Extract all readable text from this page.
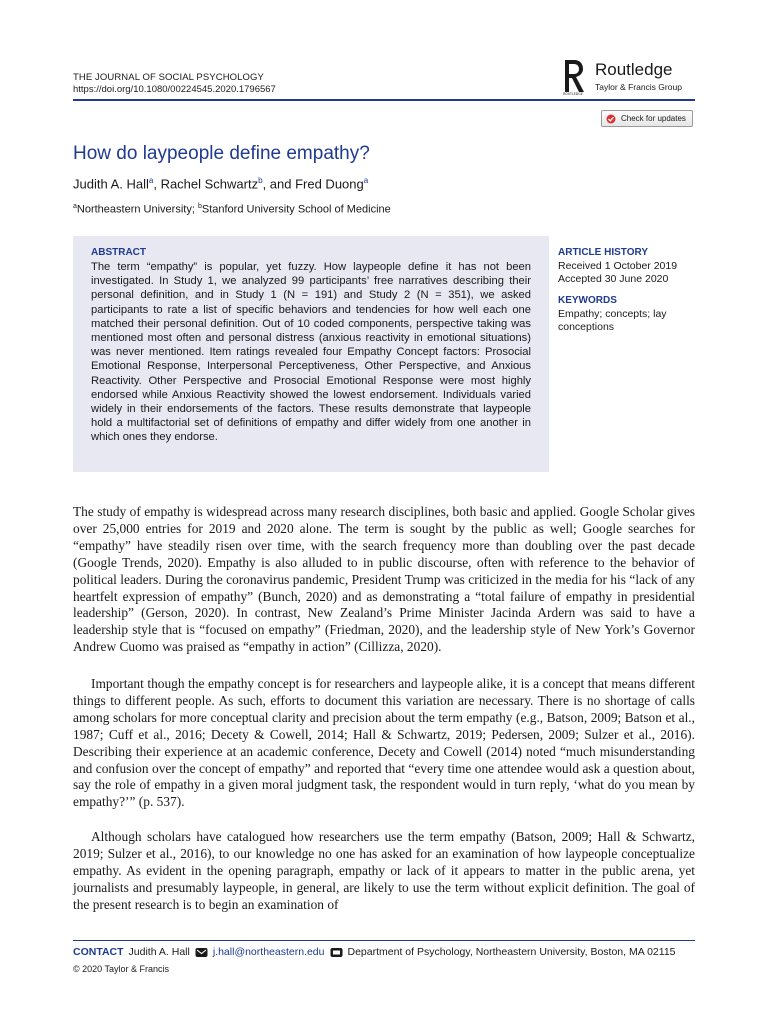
THE JOURNAL OF SOCIAL PSYCHOLOGY
https://doi.org/10.1080/00224545.2020.1796567	ROUTLEDGE
Routledge
Taylor & Francis Group
Check for updates
How do laypeople define empathy?
Judith A. Hall$^a$, Rachel Schwartz$^b$, and Fred Duong$^a$
$^a$Northeastern University; $^b$Stanford University School of Medicine
ABSTRACT

The term “empathy” is popular, yet fuzzy. How laypeople define it has not been investigated. In Study 1, we analyzed 99 participants’ free narratives describing their personal definition, and in Study 1 (N = 191) and Study 2 (N = 351), we asked participants to rate a list of specific behaviors and tendencies for how well each one matched their personal definition. Out of 10 coded components, perspective taking was mentioned most often and personal distress (anxious reactivity in emotional situations) was never mentioned. Item ratings revealed four Empathy Concept factors: Prosocial Emotional Response, Interpersonal Perceptiveness, Other Perspective, and Anxious Reactivity. Other Perspective and Prosocial Emotional Response were most highly endorsed while Anxious Reactivity showed the lowest endorsement. Individuals varied widely in their endorsements of the factors. These results demonstrate that laypeople hold a multifactorial set of definitions of empathy and differ widely from one another in which ones they endorse.

ARTICLE HISTORY
Received 1 October 2019
Accepted 30 June 2020
KEYWORDS
Empathy; concepts; lay conceptions

The study of empathy is widespread across many research disciplines, both basic and applied. Google Scholar gives over 25,000 entries for 2019 and 2020 alone. The term is sought by the public as well; Google searches for “empathy” have steadily risen over time, with the search frequency more than doubling over the past decade (Google Trends, 2020). Empathy is also alluded to in public discourse, often with reference to the behavior of political leaders. During the coronavirus pandemic, President Trump was criticized in the media for his “lack of any heartfelt expression of empathy” (Bunch, 2020) and as demonstrating a “total failure of empathy in presidential leadership” (Gerson, 2020). In contrast, New Zealand’s Prime Minister Jacinda Ardern was said to have a leadership style that is “focused on empathy” (Friedman, 2020), and the leadership style of New York’s Governor Andrew Cuomo was praised as “empathy in action” (Cillizza, 2020).

Important though the empathy concept is for researchers and laypeople alike, it is a concept that means different things to different people. As such, efforts to document this variation are necessary. There is no shortage of calls among scholars for more conceptual clarity and precision about the term empathy (e.g., Batson, 2009; Batson et al., 1987; Cuff et al., 2016; Decety & Cowell, 2014; Hall & Schwartz, 2019; Pedersen, 2009; Sulzer et al., 2016). Describing their experience at an academic conference, Decety and Cowell (2014) noted “much misunderstanding and confusion over the concept of empathy” and reported that “every time one attendee would ask a question about, say the role of empathy in a given moral judgment task, the respondent would in turn reply, ‘what do you mean by empathy?’” (p. 537).

Although scholars have catalogued how researchers use the term empathy (Batson, 2009; Hall & Schwartz, 2019; Sulzer et al., 2016), to our knowledge no one has asked for an examination of how laypeople conceptualize empathy. As evident in the opening paragraph, empathy or lack of it appears to matter in the public arena, yet journalists and presumably laypeople, in general, are likely to use the term without explicit definition. The goal of the present research is to begin an examination of

CONTACT Judith A. Hall j.hall@northeastern.edu Department of Psychology, Northeastern University, Boston, MA 02115
© 2020 Taylor & Francis
